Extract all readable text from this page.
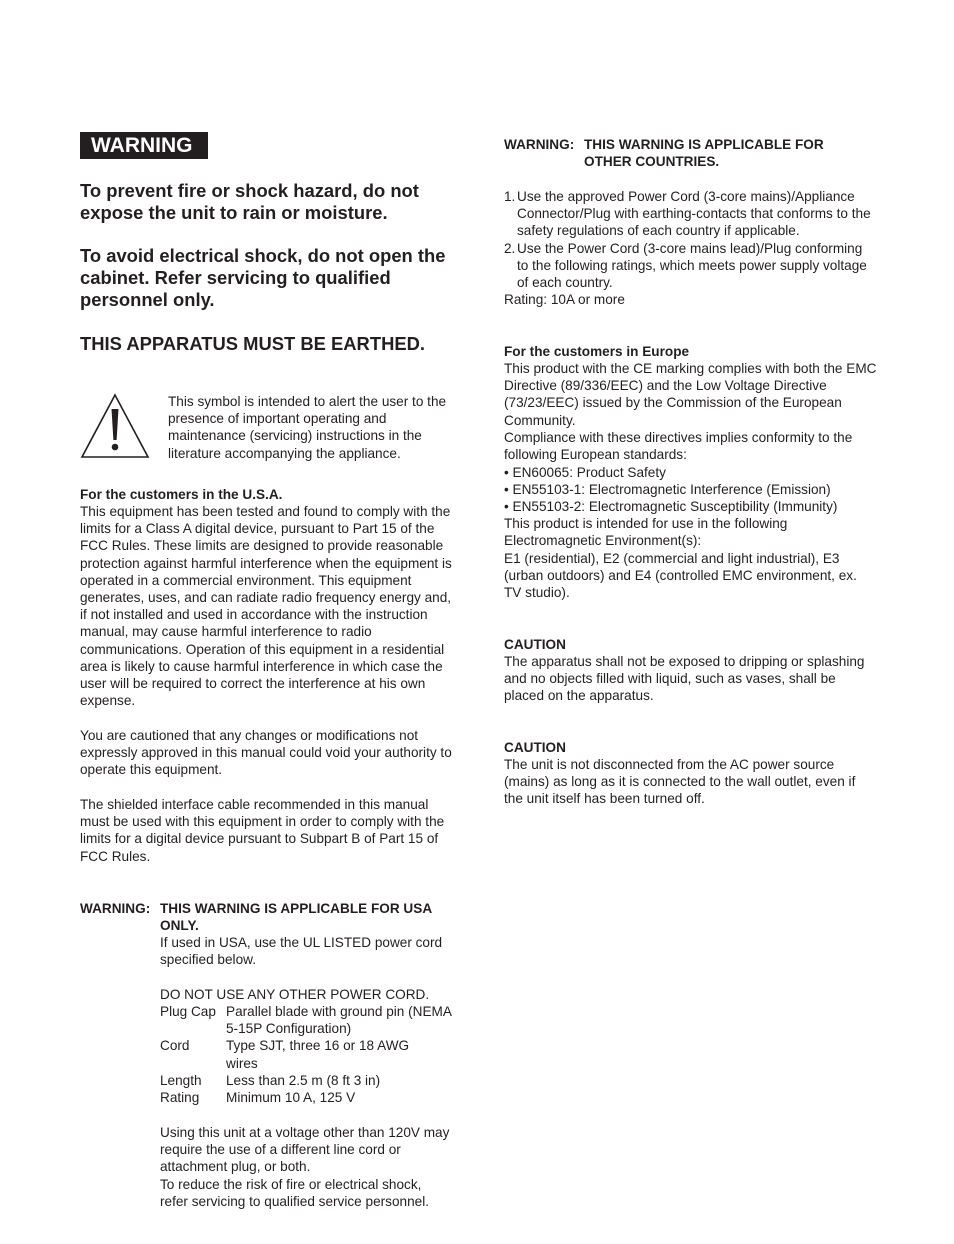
WARNING

To prevent fire or shock hazard, do not expose the unit to rain or moisture.

To avoid electrical shock, do not open the cabinet. Refer servicing to qualified personnel only.

THIS APPARATUS MUST BE EARTHED.

This symbol is intended to alert the user to the presence of important operating and maintenance (servicing) instructions in the literature accompanying the appliance.

For the customers in the U.S.A.

This equipment has been tested and found to comply with the limits for a Class A digital device, pursuant to Part 15 of the FCC Rules. These limits are designed to provide reasonable protection against harmful interference when the equipment is operated in a commercial environment. This equipment generates, uses, and can radiate radio frequency energy and, if not installed and used in accordance with the instruction manual, may cause harmful interference to radio communications. Operation of this equipment in a residential area is likely to cause harmful interference in which case the user will be required to correct the interference at his own expense.

You are cautioned that any changes or modifications not expressly approved in this manual could void your authority to operate this equipment.

The shielded interface cable recommended in this manual must be used with this equipment in order to comply with the limits for a digital device pursuant to Subpart B of Part 15 of FCC Rules.

WARNING: THIS WARNING IS APPLICABLE FOR USA ONLY.

If used in USA, use the UL LISTED power cord specified below.

DO NOT USE ANY OTHER POWER CORD.

Plug Cap Parallel blade with ground pin (NEMA 5-15P Configuration)
Cord	Type SJT, three 16 or 18 AWG wires
Length	Less than 2.5 m (8 ft 3 in)
Rating	Minimum 10 A, 125 V

Using this unit at a voltage other than 120V may require the use of a different line cord or attachment plug, or both.

To reduce the risk of fire or electrical shock, refer servicing to qualified service personnel.

WARNING: THIS WARNING IS APPLICABLE FOR OTHER COUNTRIES.

1. Use the approved Power Cord (3-core mains)/Appliance Connector/Plug with earthing-contacts that conforms to the safety regulations of each country if applicable.
2. Use the Power Cord (3-core mains lead)/Plug conforming to the following ratings, which meets power supply voltage of each country.

Rating: 10A or more

For the customers in Europe

This product with the CE marking complies with both the EMC Directive (89/336/EEC) and the Low Voltage Directive (73/23/EEC) issued by the Commission of the European Community.

Compliance with these directives implies conformity to the following European standards:

• EN60065: Product Safety

• EN55103-1: Electromagnetic Interference (Emission)

• EN55103-2: Electromagnetic Susceptibility (Immunity)

This product is intended for use in the following Electromagnetic Environment(s):

E1 (residential), E2 (commercial and light industrial), E3 (urban outdoors) and E4 (controlled EMC environment, ex. TV studio).

CAUTION

The apparatus shall not be exposed to dripping or splashing and no objects filled with liquid, such as vases, shall be placed on the apparatus.

CAUTION

The unit is not disconnected from the AC power source (mains) as long as it is connected to the wall outlet, even if the unit itself has been turned off.
